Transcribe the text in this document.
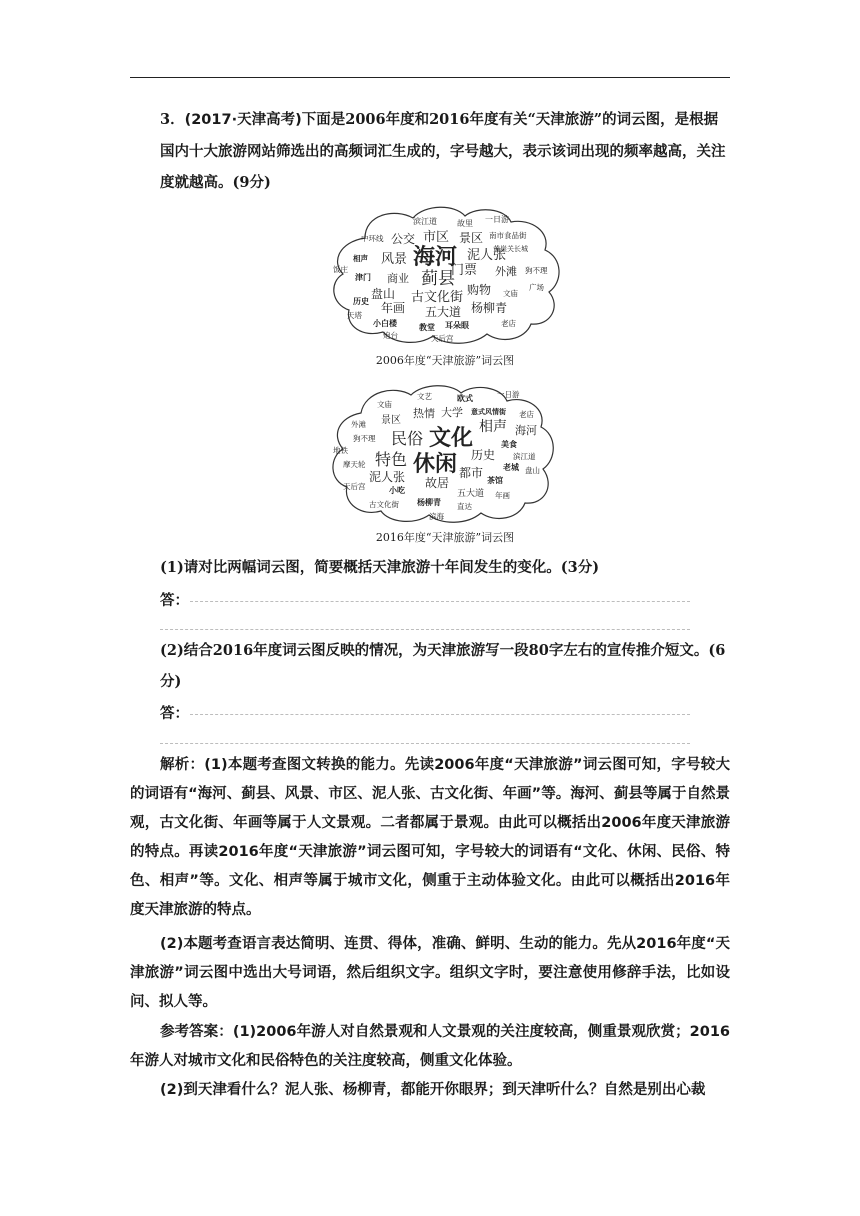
3．(2017·天津高考)下面是2006年度和2016年度有关“天津旅游”的词云图，是根据国内十大旅游网站筛选出的高频词汇生成的，字号越大，表示该词出现的频率越高，关注度就越高。(9分)
滨江道	故里 一日游
中环线 公交 市区 景区 南市食品街
海河 泥人张
黄崖关长城
相声 风景
门票 外滩 狗不理
饭庄
津门 商业 蓟县
文庙
盘山 古文化街 购物	广场
历史 年画 五大道 杨柳青
天塔
小白楼	教堂 耳朵眼	老店
炮台	天后宫
2006年度“天津旅游”词云图
文艺	欧式	一日游
文庙
景区
热情 大学 意式风情街 老店
外滩	相声 海河
狗不理 民俗 文化	美食
地铁 特色 休闲 历史 滨江道
摩天轮	老城 盘山
泥人张	都市
茶馆
天后宫	小吃
故居
五大道
古文化街 杨柳青
年画
直达
滨海
2016年度“天津旅游”词云图
(1)请对比两幅词云图，简要概括天津旅游十年间发生的变化。(3分)
答：
(2)结合2016年度词云图反映的情况，为天津旅游写一段80字左右的宣传推介短文。(6分)
答：
解析：(1)本题考查图文转换的能力。先读2006年度“天津旅游”词云图可知，字号较大的词语有“海河、蓟县、风景、市区、泥人张、古文化街、年画”等。海河、蓟县等属于自然景观，古文化街、年画等属于人文景观。二者都属于景观。由此可以概括出2006年度天津旅游的特点。再读2016年度“天津旅游”词云图可知，字号较大的词语有“文化、休闲、民俗、特色、相声”等。文化、相声等属于城市文化，侧重于主动体验文化。由此可以概括出2016年度天津旅游的特点。
(2)本题考查语言表达简明、连贯、得体，准确、鲜明、生动的能力。先从2016年度“天津旅游”词云图中选出大号词语，然后组织文字。组织文字时，要注意使用修辞手法，比如设问、拟人等。
参考答案：(1)2006年游人对自然景观和人文景观的关注度较高，侧重景观欣赏；2016年游人对城市文化和民俗特色的关注度较高，侧重文化体验。
(2)到天津看什么？泥人张、杨柳青，都能开你眼界；到天津听什么？自然是别出心裁
